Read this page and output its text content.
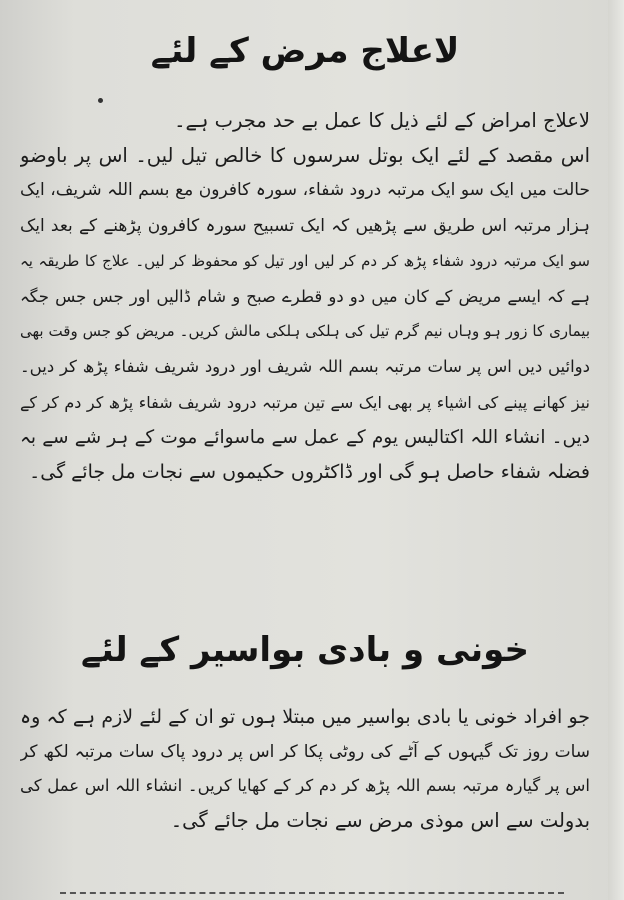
لاعلاج مرض کے لئے
لاعلاج امراض کے لئے ذیل کا عمل بے حد مجرب ہے۔
اس مقصد کے لئے ایک بوتل سرسوں کا خالص تیل لیں۔ اس پر باوضو
حالت میں ایک سو ایک مرتبہ درود شفاء، سورہ کافرون مع بسم اللہ شریف، ایک
ہزار مرتبہ اس طریق سے پڑھیں کہ ایک تسبیح سورہ کافرون پڑھنے کے بعد ایک
سو ایک مرتبہ درود شفاء پڑھ کر دم کر لیں اور تیل کو محفوظ کر لیں۔ علاج کا طریقہ یہ
ہے کہ ایسے مریض کے کان میں دو دو قطرے صبح و شام ڈالیں اور جس جس جگہ
بیماری کا زور ہو وہاں نیم گرم تیل کی ہلکی ہلکی مالش کریں۔ مریض کو جس وقت بھی
دوائیں دیں اس پر سات مرتبہ بسم اللہ شریف اور درود شریف شفاء پڑھ کر دیں۔
نیز کھانے پینے کی اشیاء پر بھی ایک سے تین مرتبہ درود شریف شفاء پڑھ کر دم کر کے
دیں۔ انشاء اللہ اکتالیس یوم کے عمل سے ماسوائے موت کے ہر شے سے بہ
فضلہ شفاء حاصل ہو گی اور ڈاکٹروں حکیموں سے نجات مل جائے گی۔
خونی و بادی بواسیر کے لئے
جو افراد خونی یا بادی بواسیر میں مبتلا ہوں تو ان کے لئے لازم ہے کہ وہ
سات روز تک گیہوں کے آٹے کی روٹی پکا کر اس پر درود پاک سات مرتبہ لکھ کر
اس پر گیارہ مرتبہ بسم اللہ پڑھ کر دم کر کے کھایا کریں۔ انشاء اللہ اس عمل کی
بدولت سے اس موذی مرض سے نجات مل جائے گی۔
